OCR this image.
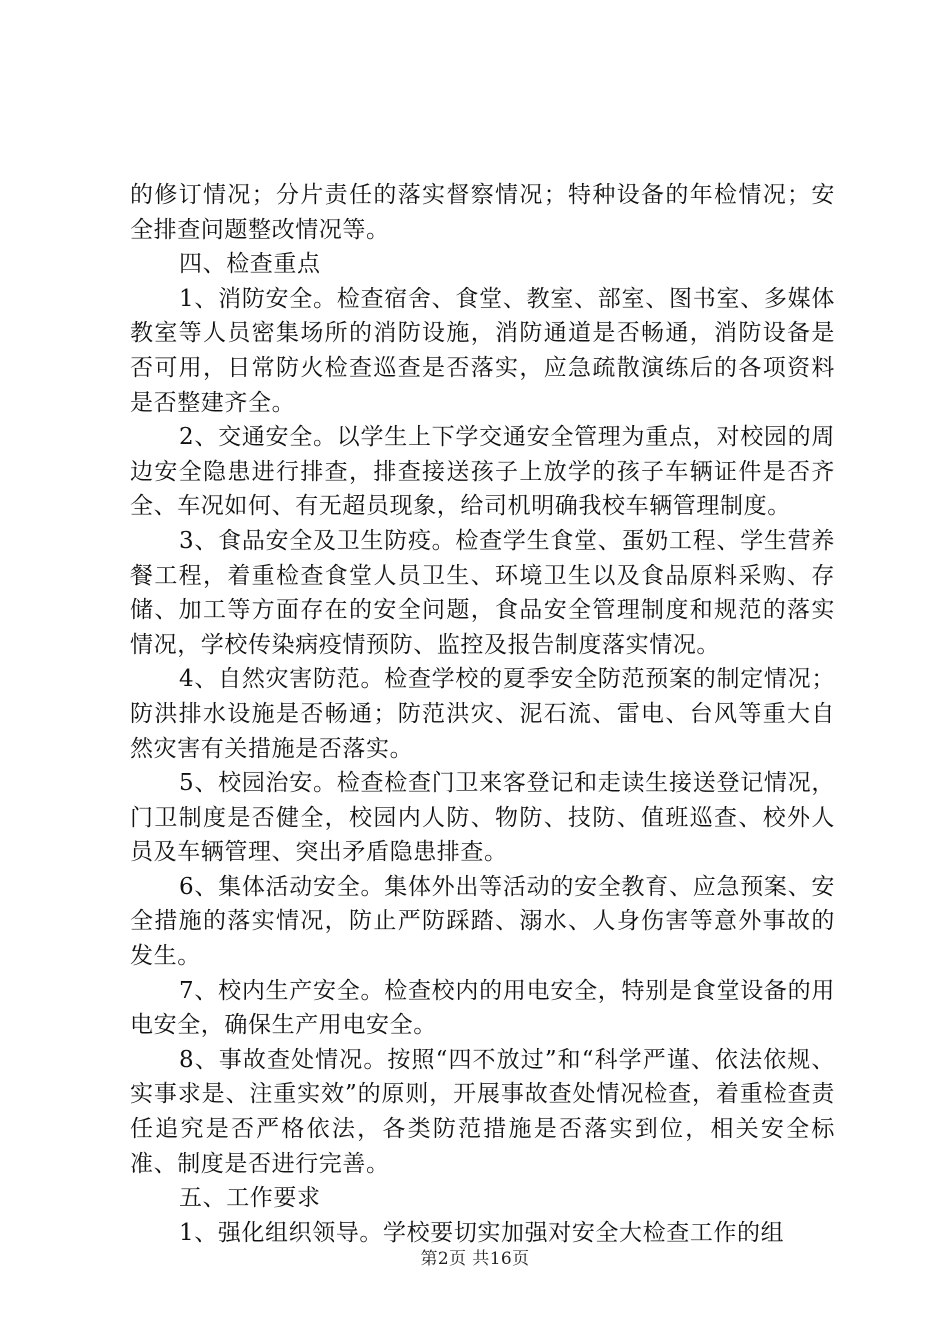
的修订情况；分片责任的落实督察情况；特种设备的年检情况；安全排查问题整改情况等。

四、检查重点

1、消防安全。检查宿舍、食堂、教室、部室、图书室、多媒体教室等人员密集场所的消防设施，消防通道是否畅通，消防设备是否可用，日常防火检查巡查是否落实，应急疏散演练后的各项资料是否整建齐全。

2、交通安全。以学生上下学交通安全管理为重点，对校园的周边安全隐患进行排查，排查接送孩子上放学的孩子车辆证件是否齐全、车况如何、有无超员现象，给司机明确我校车辆管理制度。

3、食品安全及卫生防疫。检查学生食堂、蛋奶工程、学生营养餐工程，着重检查食堂人员卫生、环境卫生以及食品原料采购、存储、加工等方面存在的安全问题，食品安全管理制度和规范的落实情况，学校传染病疫情预防、监控及报告制度落实情况。

4、自然灾害防范。检查学校的夏季安全防范预案的制定情况；防洪排水设施是否畅通；防范洪灾、泥石流、雷电、台风等重大自然灾害有关措施是否落实。

5、校园治安。检查检查门卫来客登记和走读生接送登记情况，门卫制度是否健全，校园内人防、物防、技防、值班巡查、校外人员及车辆管理、突出矛盾隐患排查。

6、集体活动安全。集体外出等活动的安全教育、应急预案、安全措施的落实情况，防止严防踩踏、溺水、人身伤害等意外事故的发生。

7、校内生产安全。检查校内的用电安全，特别是食堂设备的用电安全，确保生产用电安全。

8、事故查处情况。按照“四不放过”和“科学严谨、依法依规、实事求是、注重实效”的原则，开展事故查处情况检查，着重检查责任追究是否严格依法，各类防范措施是否落实到位，相关安全标准、制度是否进行完善。

五、工作要求

1、强化组织领导。学校要切实加强对安全大检查工作的组

第2页 共16页
